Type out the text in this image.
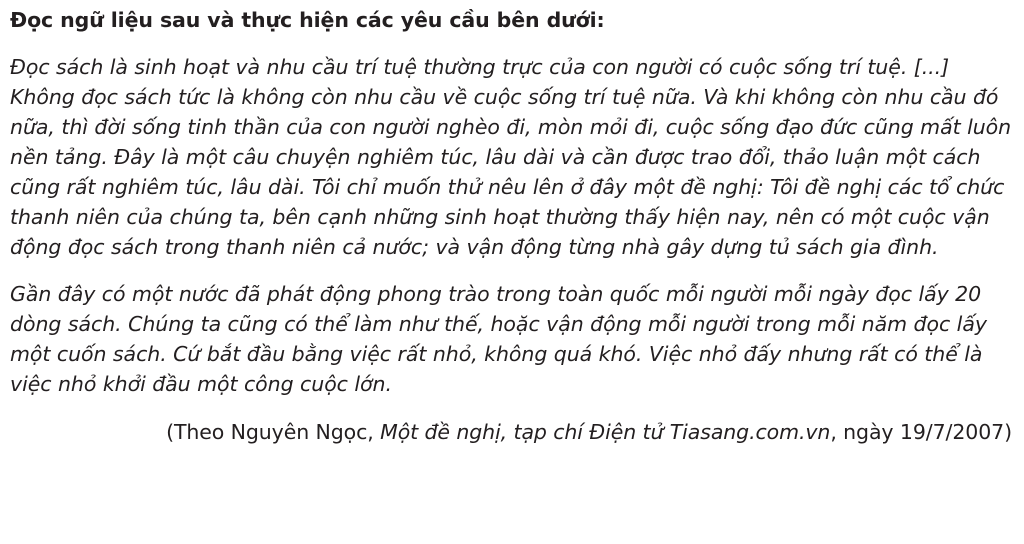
Đọc ngữ liệu sau và thực hiện các yêu cầu bên dưới:

Đọc sách là sinh hoạt và nhu cầu trí tuệ thường trực của con người có cuộc sống trí tuệ. [...] Không đọc sách tức là không còn nhu cầu về cuộc sống trí tuệ nữa. Và khi không còn nhu cầu đó nữa, thì đời sống tinh thần của con người nghèo đi, mòn mỏi đi, cuộc sống đạo đức cũng mất luôn nền tảng. Đây là một câu chuyện nghiêm túc, lâu dài và cần được trao đổi, thảo luận một cách cũng rất nghiêm túc, lâu dài. Tôi chỉ muốn thử nêu lên ở đây một đề nghị: Tôi đề nghị các tổ chức thanh niên của chúng ta, bên cạnh những sinh hoạt thường thấy hiện nay, nên có một cuộc vận động đọc sách trong thanh niên cả nước; và vận động từng nhà gây dựng tủ sách gia đình.

Gần đây có một nước đã phát động phong trào trong toàn quốc mỗi người mỗi ngày đọc lấy 20 dòng sách. Chúng ta cũng có thể làm như thế, hoặc vận động mỗi người trong mỗi năm đọc lấy một cuốn sách. Cứ bắt đầu bằng việc rất nhỏ, không quá khó. Việc nhỏ đấy nhưng rất có thể là việc nhỏ khởi đầu một công cuộc lớn.

(Theo Nguyên Ngọc, Một đề nghị, tạp chí Điện tử Tiasang.com.vn, ngày 19/7/2007)
